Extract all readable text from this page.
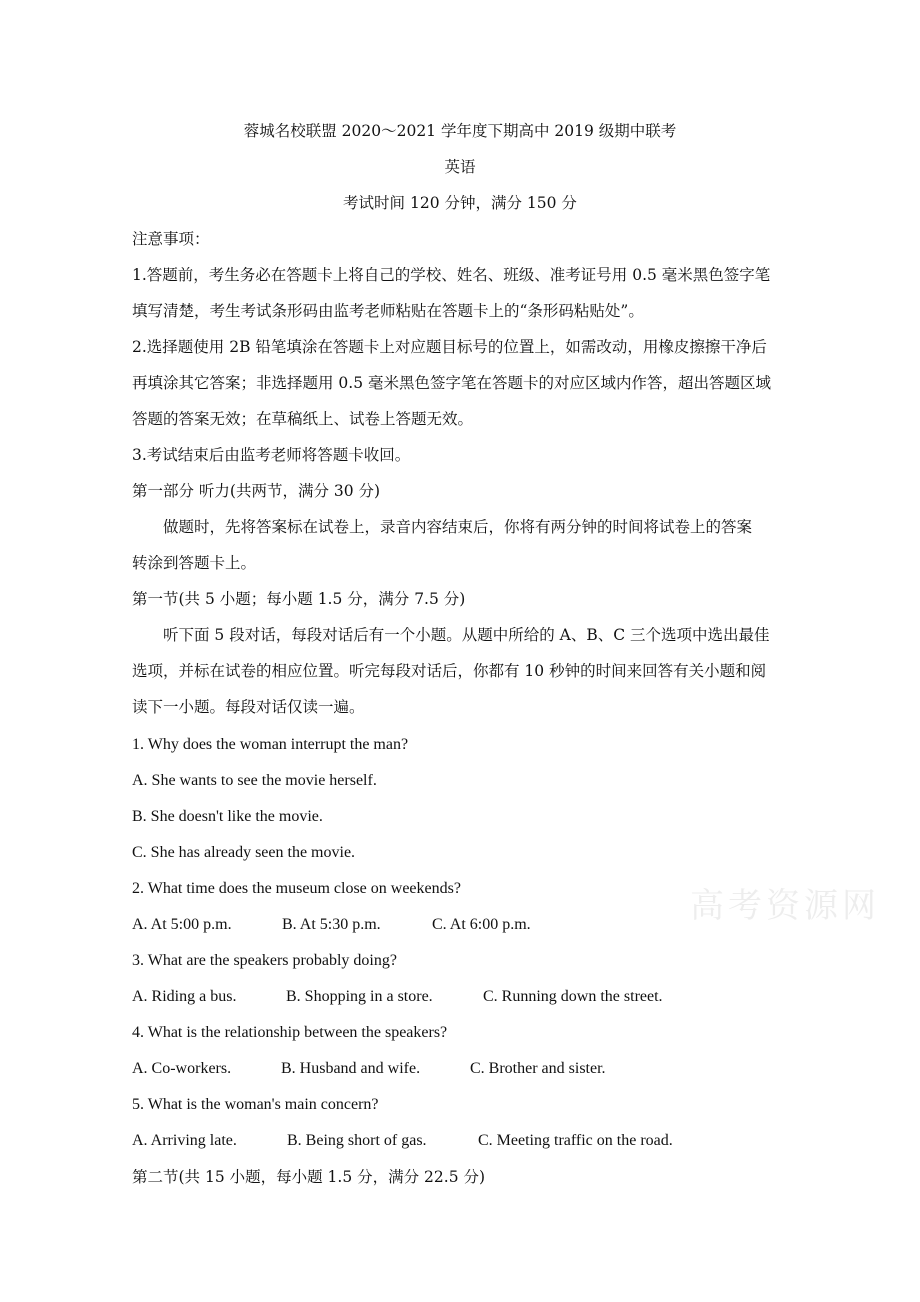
高考资源网
蓉城名校联盟 2020～2021 学年度下期高中 2019 级期中联考
英语
考试时间 120 分钟，满分 150 分
注意事项：
1.答题前，考生务必在答题卡上将自己的学校、姓名、班级、准考证号用 0.5 毫米黑色签字笔
填写清楚，考生考试条形码由监考老师粘贴在答题卡上的“条形码粘贴处”。
2.选择题使用 2B 铅笔填涂在答题卡上对应题目标号的位置上，如需改动，用橡皮擦擦干净后
再填涂其它答案；非选择题用 0.5 毫米黑色签字笔在答题卡的对应区域内作答，超出答题区域
答题的答案无效；在草稿纸上、试卷上答题无效。
3.考试结束后由监考老师将答题卡收回。
第一部分 听力(共两节，满分 30 分)
做题时，先将答案标在试卷上，录音内容结束后，你将有两分钟的时间将试卷上的答案
转涂到答题卡上。
第一节(共 5 小题；每小题 1.5 分，满分 7.5 分)
听下面 5 段对话，每段对话后有一个小题。从题中所给的 A、B、C 三个选项中选出最佳
选项，并标在试卷的相应位置。听完每段对话后，你都有 10 秒钟的时间来回答有关小题和阅
读下一小题。每段对话仅读一遍。
1. Why does the woman interrupt the man?
A. She wants to see the movie herself.
B. She doesn't like the movie.
C. She has already seen the movie.
2. What time does the museum close on weekends?
A. At 5:00 p.m.	B. At 5:30 p.m.	C. At 6:00 p.m.
3. What are the speakers probably doing?
A. Riding a bus.	B. Shopping in a store.	C. Running down the street.
4. What is the relationship between the speakers?
A. Co-workers.	B. Husband and wife.	C. Brother and sister.
5. What is the woman's main concern?
A. Arriving late.	B. Being short of gas.	C. Meeting traffic on the road.
第二节(共 15 小题，每小题 1.5 分，满分 22.5 分)
